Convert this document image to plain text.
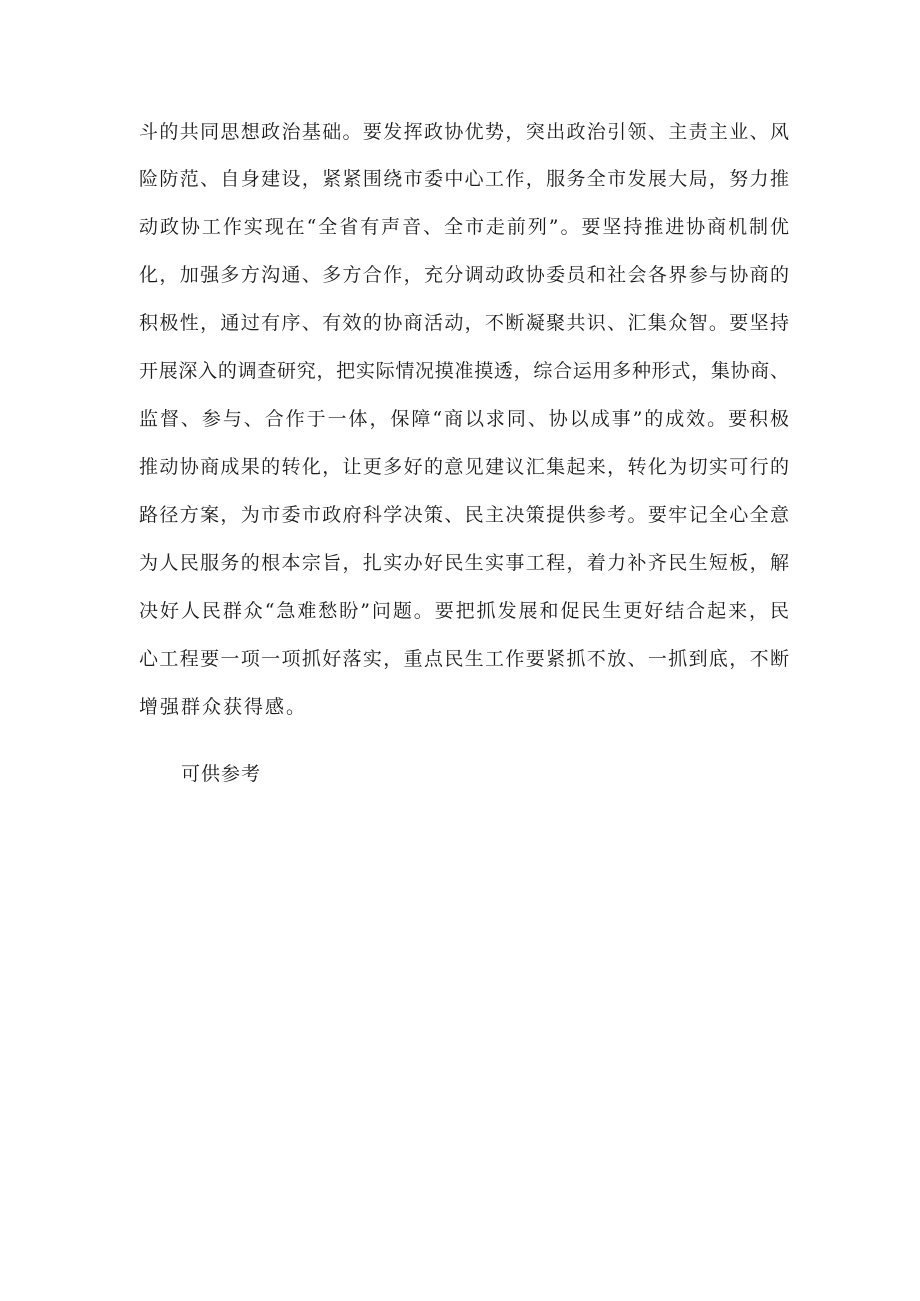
斗的共同思想政治基础。要发挥政协优势，突出政治引领、主责主业、风
险防范、自身建设，紧紧围绕市委中心工作，服务全市发展大局，努力推
动政协工作实现在“全省有声音、全市走前列”。要坚持推进协商机制优
化，加强多方沟通、多方合作，充分调动政协委员和社会各界参与协商的
积极性，通过有序、有效的协商活动，不断凝聚共识、汇集众智。要坚持
开展深入的调查研究，把实际情况摸准摸透，综合运用多种形式，集协商、
监督、参与、合作于一体，保障“商以求同、协以成事”的成效。要积极
推动协商成果的转化，让更多好的意见建议汇集起来，转化为切实可行的
路径方案，为市委市政府科学决策、民主决策提供参考。要牢记全心全意
为人民服务的根本宗旨，扎实办好民生实事工程，着力补齐民生短板，解
决好人民群众“急难愁盼”问题。要把抓发展和促民生更好结合起来，民
心工程要一项一项抓好落实，重点民生工作要紧抓不放、一抓到底，不断
增强群众获得感。
可供参考
